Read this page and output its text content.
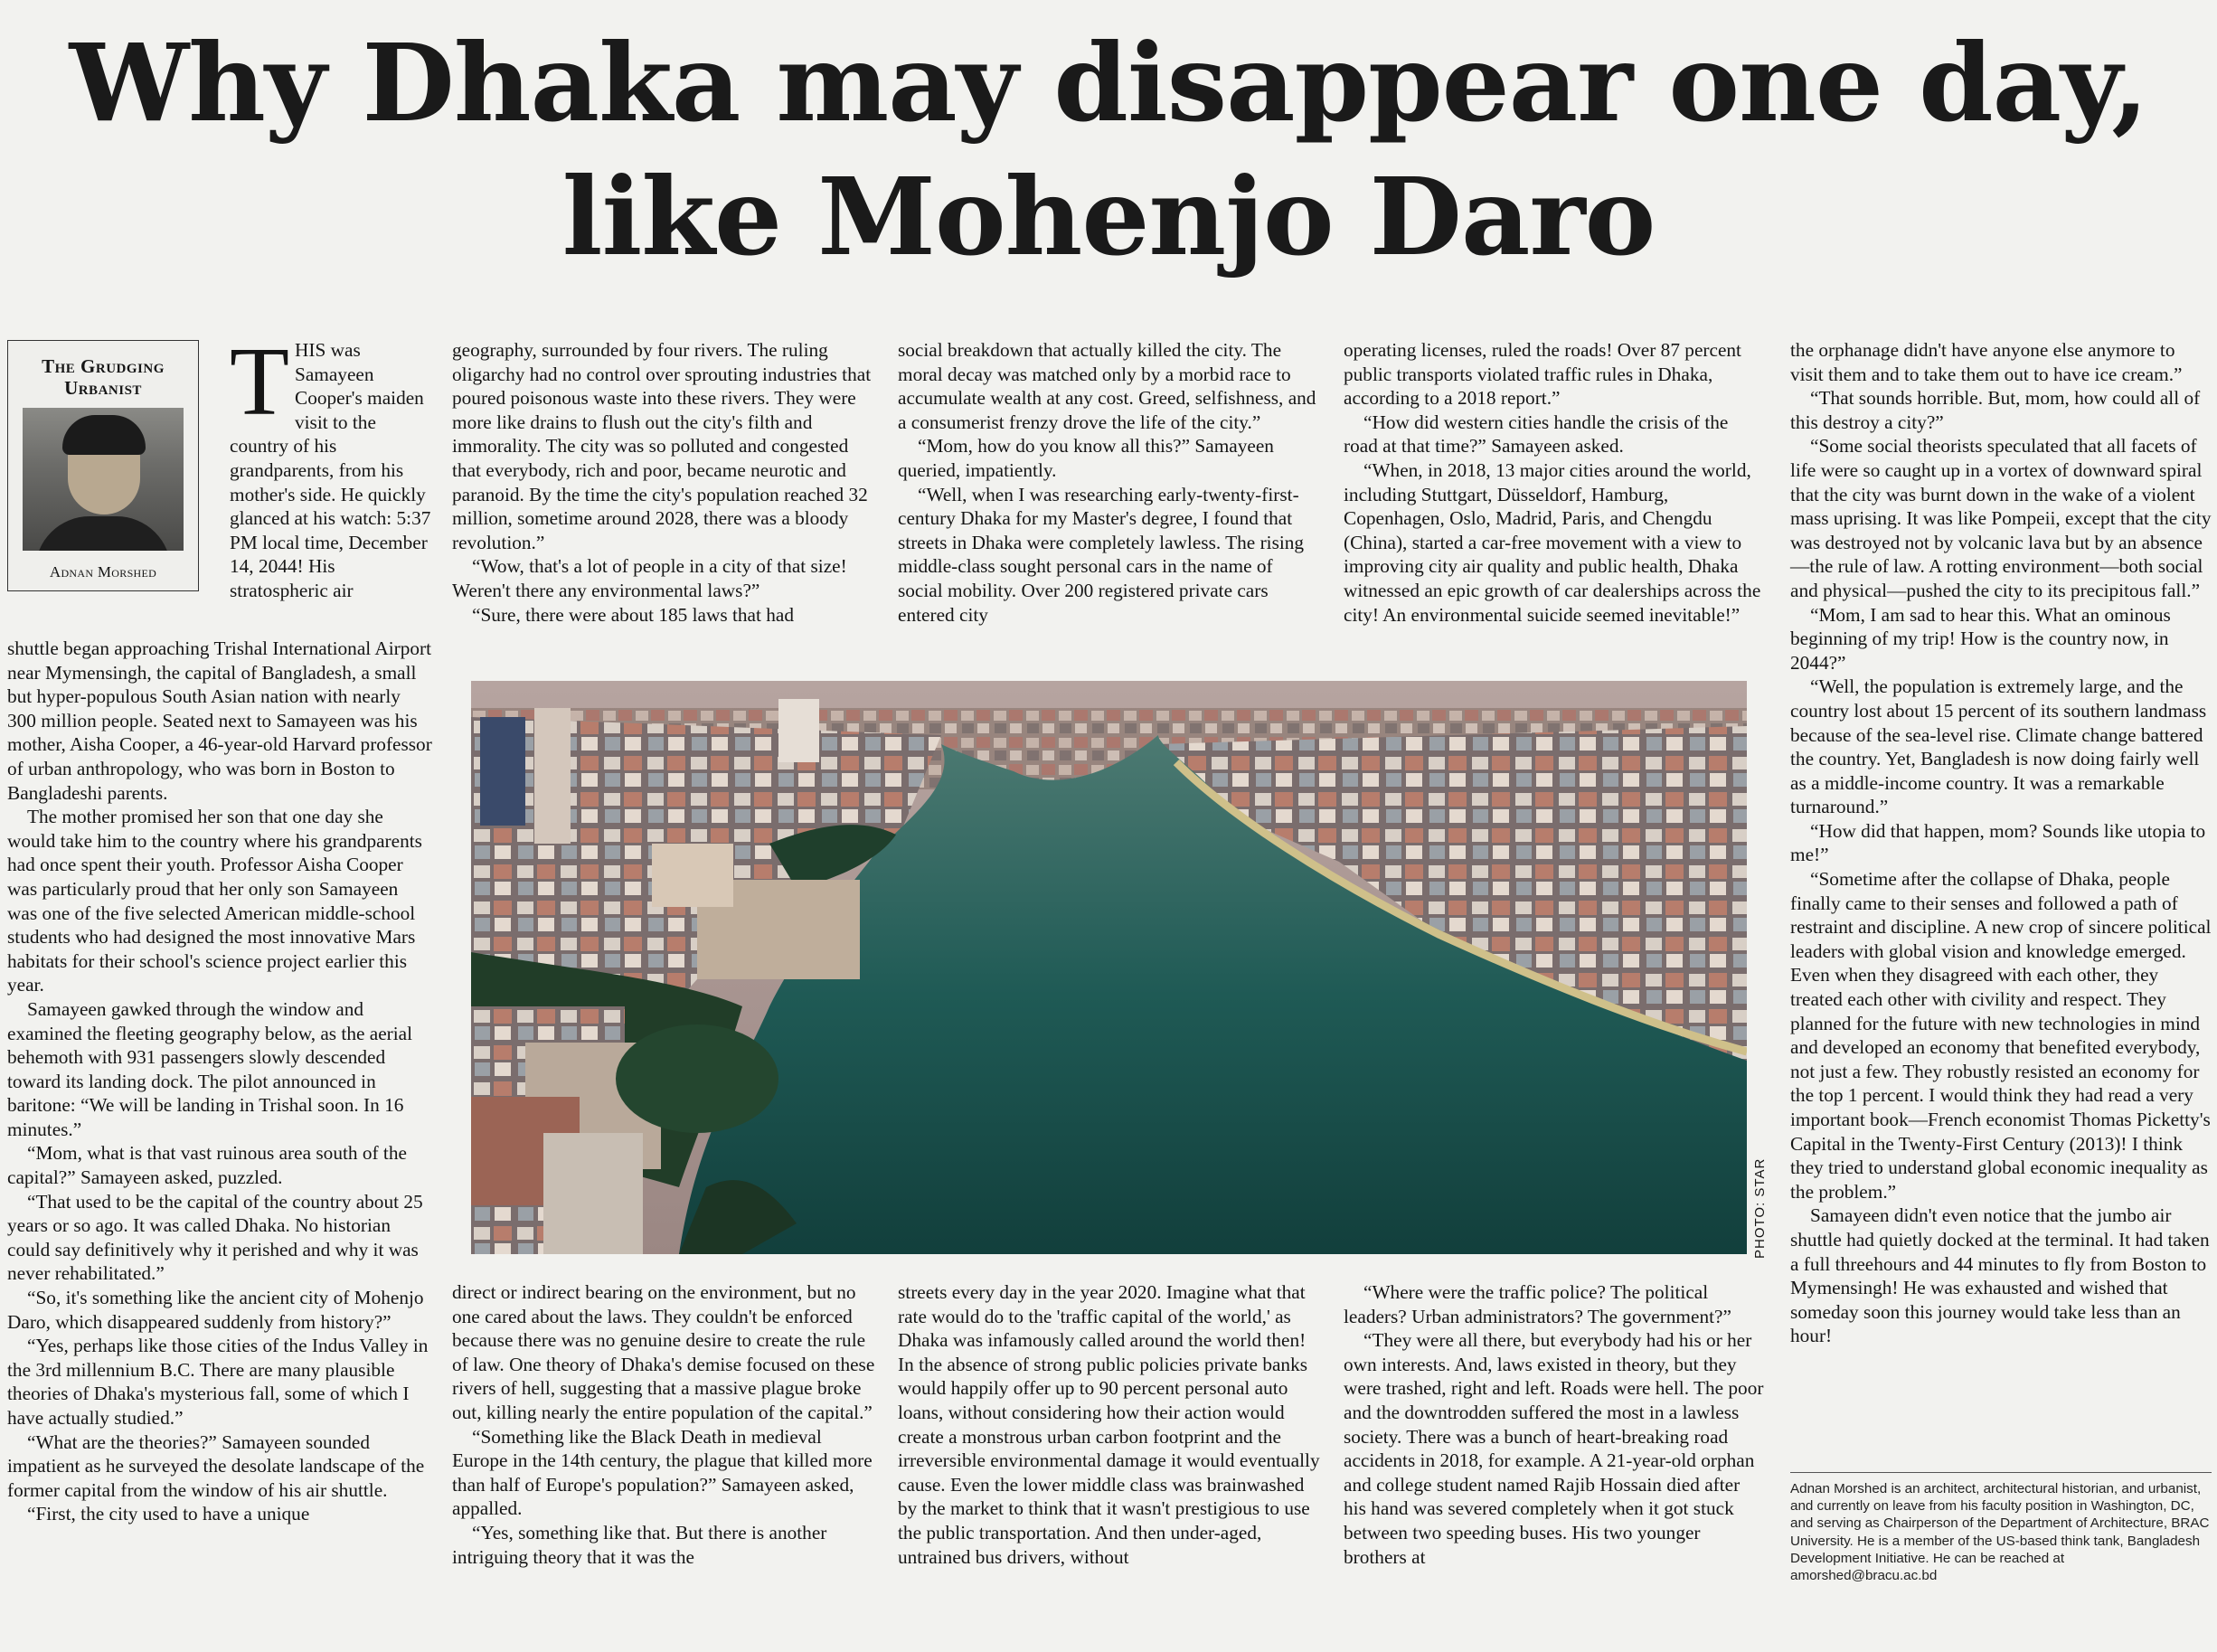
Why Dhaka may disappear one day,
like Mohenjo Daro
The Grudging
Urbanist
Adnan Morshed

THIS was Samayeen Cooper's maiden visit to the country of his grandparents, from his mother's side. He quickly glanced at his watch: 5:37 PM local time, December 14, 2044! His stratospheric air

shuttle began approaching Trishal International Airport near Mymensingh, the capital of Bangladesh, a small but hyper-populous South Asian nation with nearly 300 million people. Seated next to Samayeen was his mother, Aisha Cooper, a 46-year-old Harvard professor of urban anthropology, who was born in Boston to Bangladeshi parents.

The mother promised her son that one day she would take him to the country where his grandparents had once spent their youth. Professor Aisha Cooper was particularly proud that her only son Samayeen was one of the five selected American middle-school students who had designed the most innovative Mars habitats for their school's science project earlier this year.

Samayeen gawked through the window and examined the fleeting geography below, as the aerial behemoth with 931 passengers slowly descended toward its landing dock. The pilot announced in baritone: “We will be landing in Trishal soon. In 16 minutes.”

“Mom, what is that vast ruinous area south of the capital?” Samayeen asked, puzzled.

“That used to be the capital of the country about 25 years or so ago. It was called Dhaka. No historian could say definitively why it perished and why it was never rehabilitated.”

“So, it's something like the ancient city of Mohenjo Daro, which disappeared suddenly from history?”

“Yes, perhaps like those cities of the Indus Valley in the 3rd millennium B.C. There are many plausible theories of Dhaka's mysterious fall, some of which I have actually studied.”

“What are the theories?” Samayeen sounded impatient as he surveyed the desolate landscape of the former capital from the window of his air shuttle.

“First, the city used to have a unique

geography, surrounded by four rivers. The ruling oligarchy had no control over sprouting industries that poured poisonous waste into these rivers. They were more like drains to flush out the city's filth and immorality. The city was so polluted and congested that everybody, rich and poor, became neurotic and paranoid. By the time the city's population reached 32 million, sometime around 2028, there was a bloody revolution.”

“Wow, that's a lot of people in a city of that size! Weren't there any environmental laws?”

“Sure, there were about 185 laws that had

social breakdown that actually killed the city. The moral decay was matched only by a morbid race to accumulate wealth at any cost. Greed, selfishness, and a consumerist frenzy drove the life of the city.”

“Mom, how do you know all this?” Samayeen queried, impatiently.

“Well, when I was researching early-twenty-first-century Dhaka for my Master's degree, I found that streets in Dhaka were completely lawless. The rising middle-class sought personal cars in the name of social mobility. Over 200 registered private cars entered city

operating licenses, ruled the roads! Over 87 percent public transports violated traffic rules in Dhaka, according to a 2018 report.”

“How did western cities handle the crisis of the road at that time?” Samayeen asked.

“When, in 2018, 13 major cities around the world, including Stuttgart, Düsseldorf, Hamburg, Copenhagen, Oslo, Madrid, Paris, and Chengdu (China), started a car-free movement with a view to improving city air quality and public health, Dhaka witnessed an epic growth of car dealerships across the city! An environmental suicide seemed inevitable!”

the orphanage didn't have anyone else anymore to visit them and to take them out to have ice cream.”

“That sounds horrible. But, mom, how could all of this destroy a city?”

“Some social theorists speculated that all facets of life were so caught up in a vortex of downward spiral that the city was burnt down in the wake of a violent mass uprising. It was like Pompeii, except that the city was destroyed not by volcanic lava but by an absence—the rule of law. A rotting environment—both social and physical—pushed the city to its precipitous fall.”

“Mom, I am sad to hear this. What an ominous beginning of my trip! How is the country now, in 2044?”

“Well, the population is extremely large, and the country lost about 15 percent of its southern landmass because of the sea-level rise. Climate change battered the country. Yet, Bangladesh is now doing fairly well as a middle-income country. It was a remarkable turnaround.”

“How did that happen, mom? Sounds like utopia to me!”

“Sometime after the collapse of Dhaka, people finally came to their senses and followed a path of restraint and discipline. A new crop of sincere political leaders with global vision and knowledge emerged. Even when they disagreed with each other, they treated each other with civility and respect. They planned for the future with new technologies in mind and developed an economy that benefited everybody, not just a few. They robustly resisted an economy for the top 1 percent. I would think they had read a very important book—French economist Thomas Picketty's Capital in the Twenty-First Century (2013)! I think they tried to understand global economic inequality as the problem.”

Samayeen didn't even notice that the jumbo air shuttle had quietly docked at the terminal. It had taken a full threehours and 44 minutes to fly from Boston to Mymensingh! He was exhausted and wished that someday soon this journey would take less than an hour!

PHOTO: STAR

direct or indirect bearing on the environment, but no one cared about the laws. They couldn't be enforced because there was no genuine desire to create the rule of law. One theory of Dhaka's demise focused on these rivers of hell, suggesting that a massive plague broke out, killing nearly the entire population of the capital.”

“Something like the Black Death in medieval Europe in the 14th century, the plague that killed more than half of Europe's population?” Samayeen asked, appalled.

“Yes, something like that. But there is another intriguing theory that it was the

streets every day in the year 2020. Imagine what that rate would do to the 'traffic capital of the world,' as Dhaka was infamously called around the world then! In the absence of strong public policies private banks would happily offer up to 90 percent personal auto loans, without considering how their action would create a monstrous urban carbon footprint and the irreversible environmental damage it would eventually cause. Even the lower middle class was brainwashed by the market to think that it wasn't prestigious to use the public transportation. And then under-aged, untrained bus drivers, without

“Where were the traffic police? The political leaders? Urban administrators? The government?”

“They were all there, but everybody had his or her own interests. And, laws existed in theory, but they were trashed, right and left. Roads were hell. The poor and the downtrodden suffered the most in a lawless society. There was a bunch of heart-breaking road accidents in 2018, for example. A 21-year-old orphan and college student named Rajib Hossain died after his hand was severed completely when it got stuck between two speeding buses. His two younger brothers at

Adnan Morshed is an architect, architectural historian, and urbanist, and currently on leave from his faculty position in Washington, DC, and serving as Chairperson of the Department of Architecture, BRAC University. He is a member of the US-based think tank, Bangladesh Development Initiative. He can be reached at amorshed@bracu.ac.bd
